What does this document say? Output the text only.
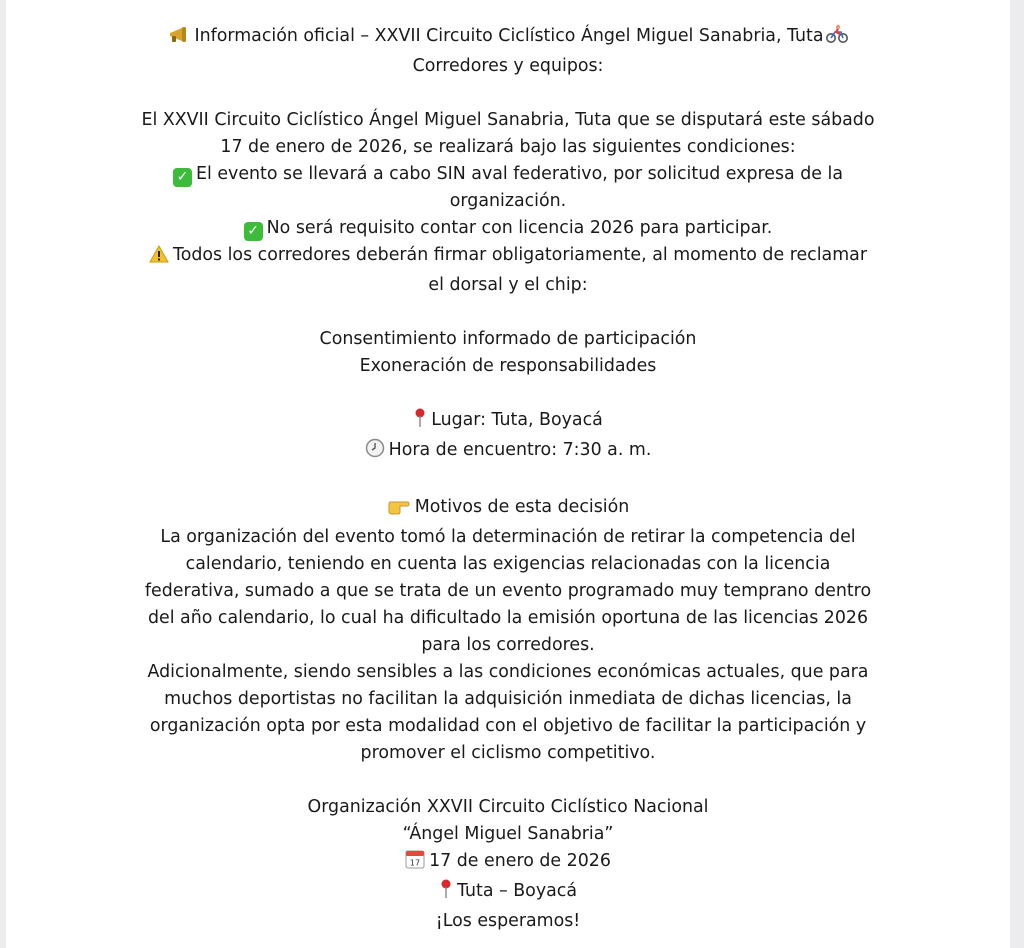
Información oficial – XXVII Circuito Ciclístico Ángel Miguel Sanabria, Tuta

Corredores y equipos:

El XXVII Circuito Ciclístico Ángel Miguel Sanabria, Tuta que se disputará este sábado

17 de enero de 2026, se realizará bajo las siguientes condiciones:

✓ El evento se llevará a cabo SIN aval federativo, por solicitud expresa de la

organización.

✓ No será requisito contar con licencia 2026 para participar.

Todos los corredores deberán firmar obligatoriamente, al momento de reclamar

el dorsal y el chip:

Consentimiento informado de participación

Exoneración de responsabilidades

Lugar: Tuta, Boyacá

Hora de encuentro: 7:30 a. m.

Motivos de esta decisión

La organización del evento tomó la determinación de retirar la competencia del

calendario, teniendo en cuenta las exigencias relacionadas con la licencia

federativa, sumado a que se trata de un evento programado muy temprano dentro

del año calendario, lo cual ha dificultado la emisión oportuna de las licencias 2026

para los corredores.

Adicionalmente, siendo sensibles a las condiciones económicas actuales, que para

muchos deportistas no facilitan la adquisición inmediata de dichas licencias, la

organización opta por esta modalidad con el objetivo de facilitar la participación y

promover el ciclismo competitivo.

Organización XXVII Circuito Ciclístico Nacional

“Ángel Miguel Sanabria”

17 17 de enero de 2026

Tuta – Boyacá

¡Los esperamos!
